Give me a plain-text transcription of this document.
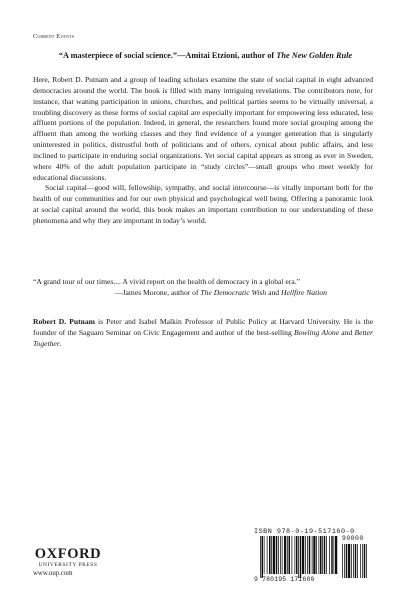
Current Events
“A masterpiece of social science.”—Amitai Etzioni, author of The New Golden Rule

Here, Robert D. Putnam and a group of leading scholars examine the state of social capital in eight advanced democracies around the world. The book is filled with many intriguing revelations. The contributors note, for instance, that waning participation in unions, churches, and political parties seems to be virtually universal, a troubling discovery as these forms of social capital are especially important for empowering less educated, less affluent portions of the population. Indeed, in general, the researchers found more social grouping among the affluent than among the working classes and they find evidence of a younger generation that is singularly uninterested in politics, distrustful both of politicians and of others, cynical about public affairs, and less inclined to participate in enduring social organizations. Yet social capital appears as strong as ever in Sweden, where 40% of the adult population participate in “study circles”—small groups who meet weekly for educational discussions.

Social capital—good will, fellowship, sympathy, and social intercourse—is vitally important both for the health of our communities and for our own physical and psychological well being. Offering a panoramic look at social capital around the world, this book makes an important contribution to our understanding of these phenomena and why they are important in today’s world.

“A grand tour of our times.... A vivid report on the health of democracy in a global era.”
—James Morone, author of The Democratic Wish and Hellfire Nation
Robert D. Putnam is Peter and Isabel Malkin Professor of Public Policy at Harvard University. He is the founder of the Saguaro Seminar on Civic Engagement and author of the best-selling Bowling Alone and Better Together.
OXFORD
UNIVERSITY PRESS
www.oup.com
ISBN 978-0-19-517160-0
90000
9 780195 171600
